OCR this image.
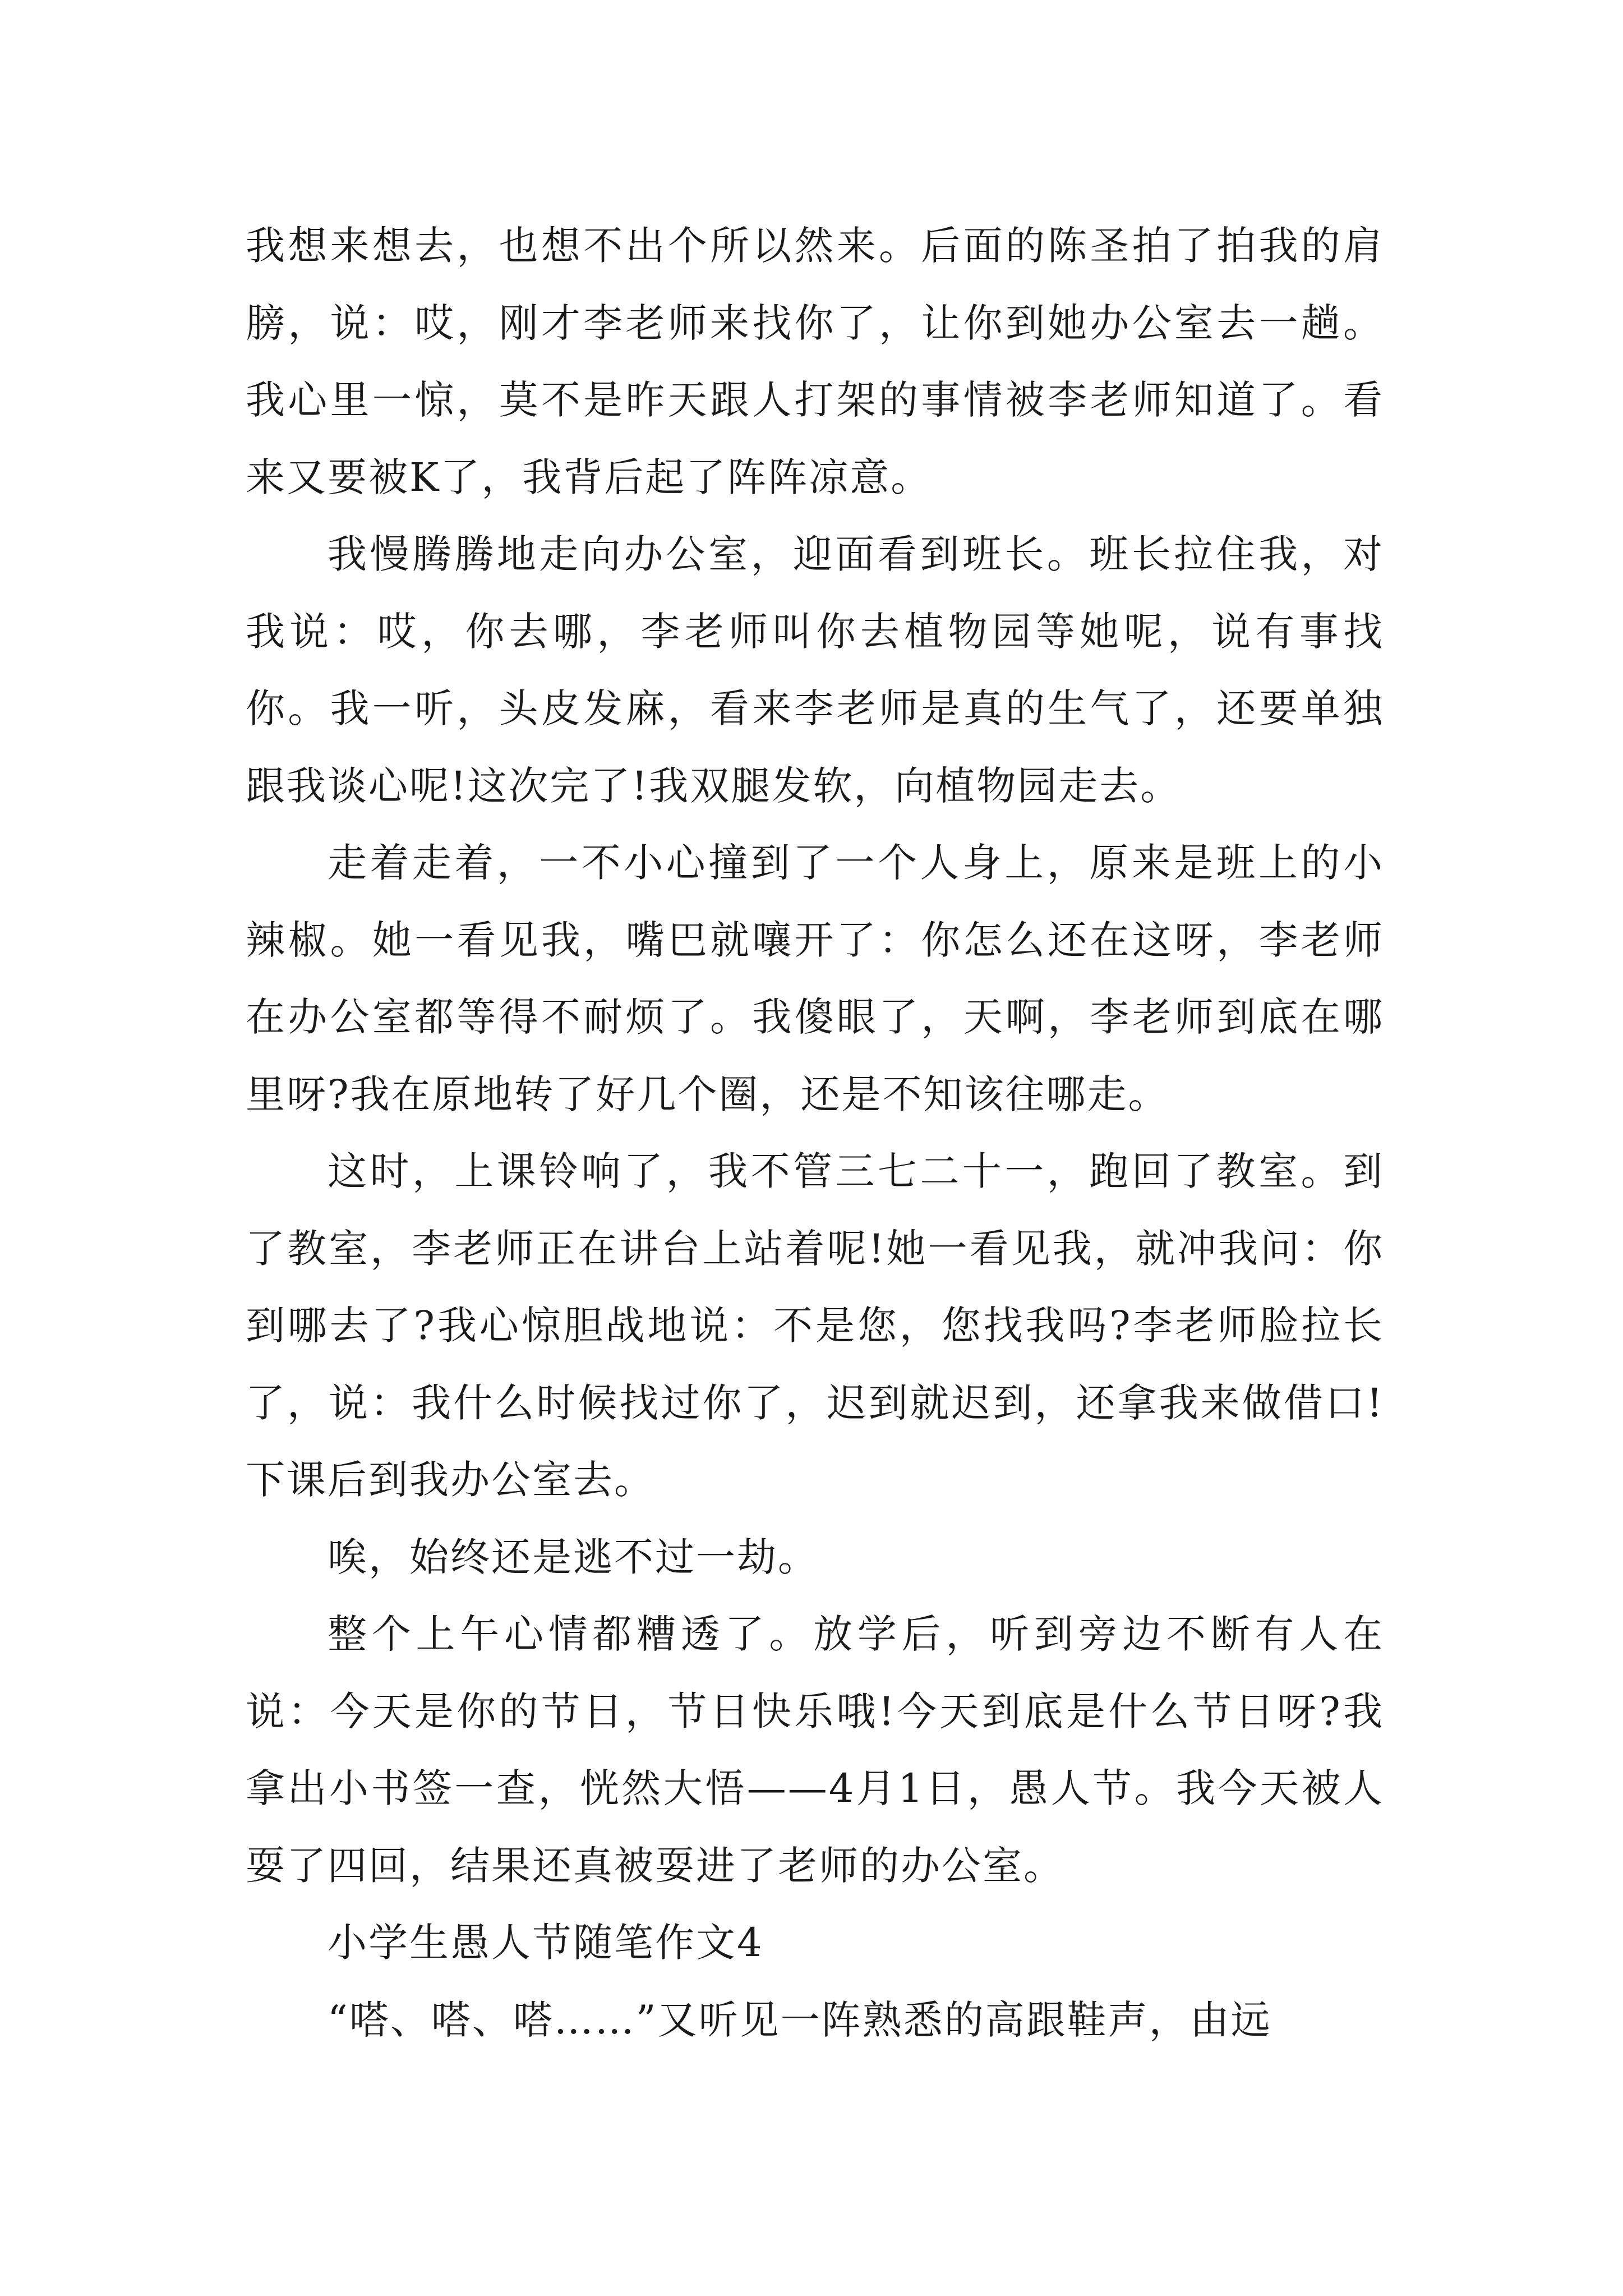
我想来想去，也想不出个所以然来。后面的陈圣拍了拍我的肩膀，说：哎，刚才李老师来找你了，让你到她办公室去一趟。我心里一惊，莫不是昨天跟人打架的事情被李老师知道了。看来又要被K了，我背后起了阵阵凉意。

我慢腾腾地走向办公室，迎面看到班长。班长拉住我，对我说：哎，你去哪，李老师叫你去植物园等她呢，说有事找你。我一听，头皮发麻，看来李老师是真的生气了，还要单独跟我谈心呢!这次完了!我双腿发软，向植物园走去。

走着走着，一不小心撞到了一个人身上，原来是班上的小辣椒。她一看见我，嘴巴就嚷开了：你怎么还在这呀，李老师在办公室都等得不耐烦了。我傻眼了，天啊，李老师到底在哪里呀?我在原地转了好几个圈，还是不知该往哪走。

这时，上课铃响了，我不管三七二十一，跑回了教室。到了教室，李老师正在讲台上站着呢!她一看见我，就冲我问：你到哪去了?我心惊胆战地说：不是您，您找我吗?李老师脸拉长了，说：我什么时候找过你了，迟到就迟到，还拿我来做借口!下课后到我办公室去。

唉，始终还是逃不过一劫。

整个上午心情都糟透了。放学后，听到旁边不断有人在说：今天是你的节日，节日快乐哦!今天到底是什么节日呀?我拿出小书签一查，恍然大悟——4月1日，愚人节。我今天被人耍了四回，结果还真被耍进了老师的办公室。

小学生愚人节随笔作文4

“嗒、嗒、嗒……”又听见一阵熟悉的高跟鞋声，由远
